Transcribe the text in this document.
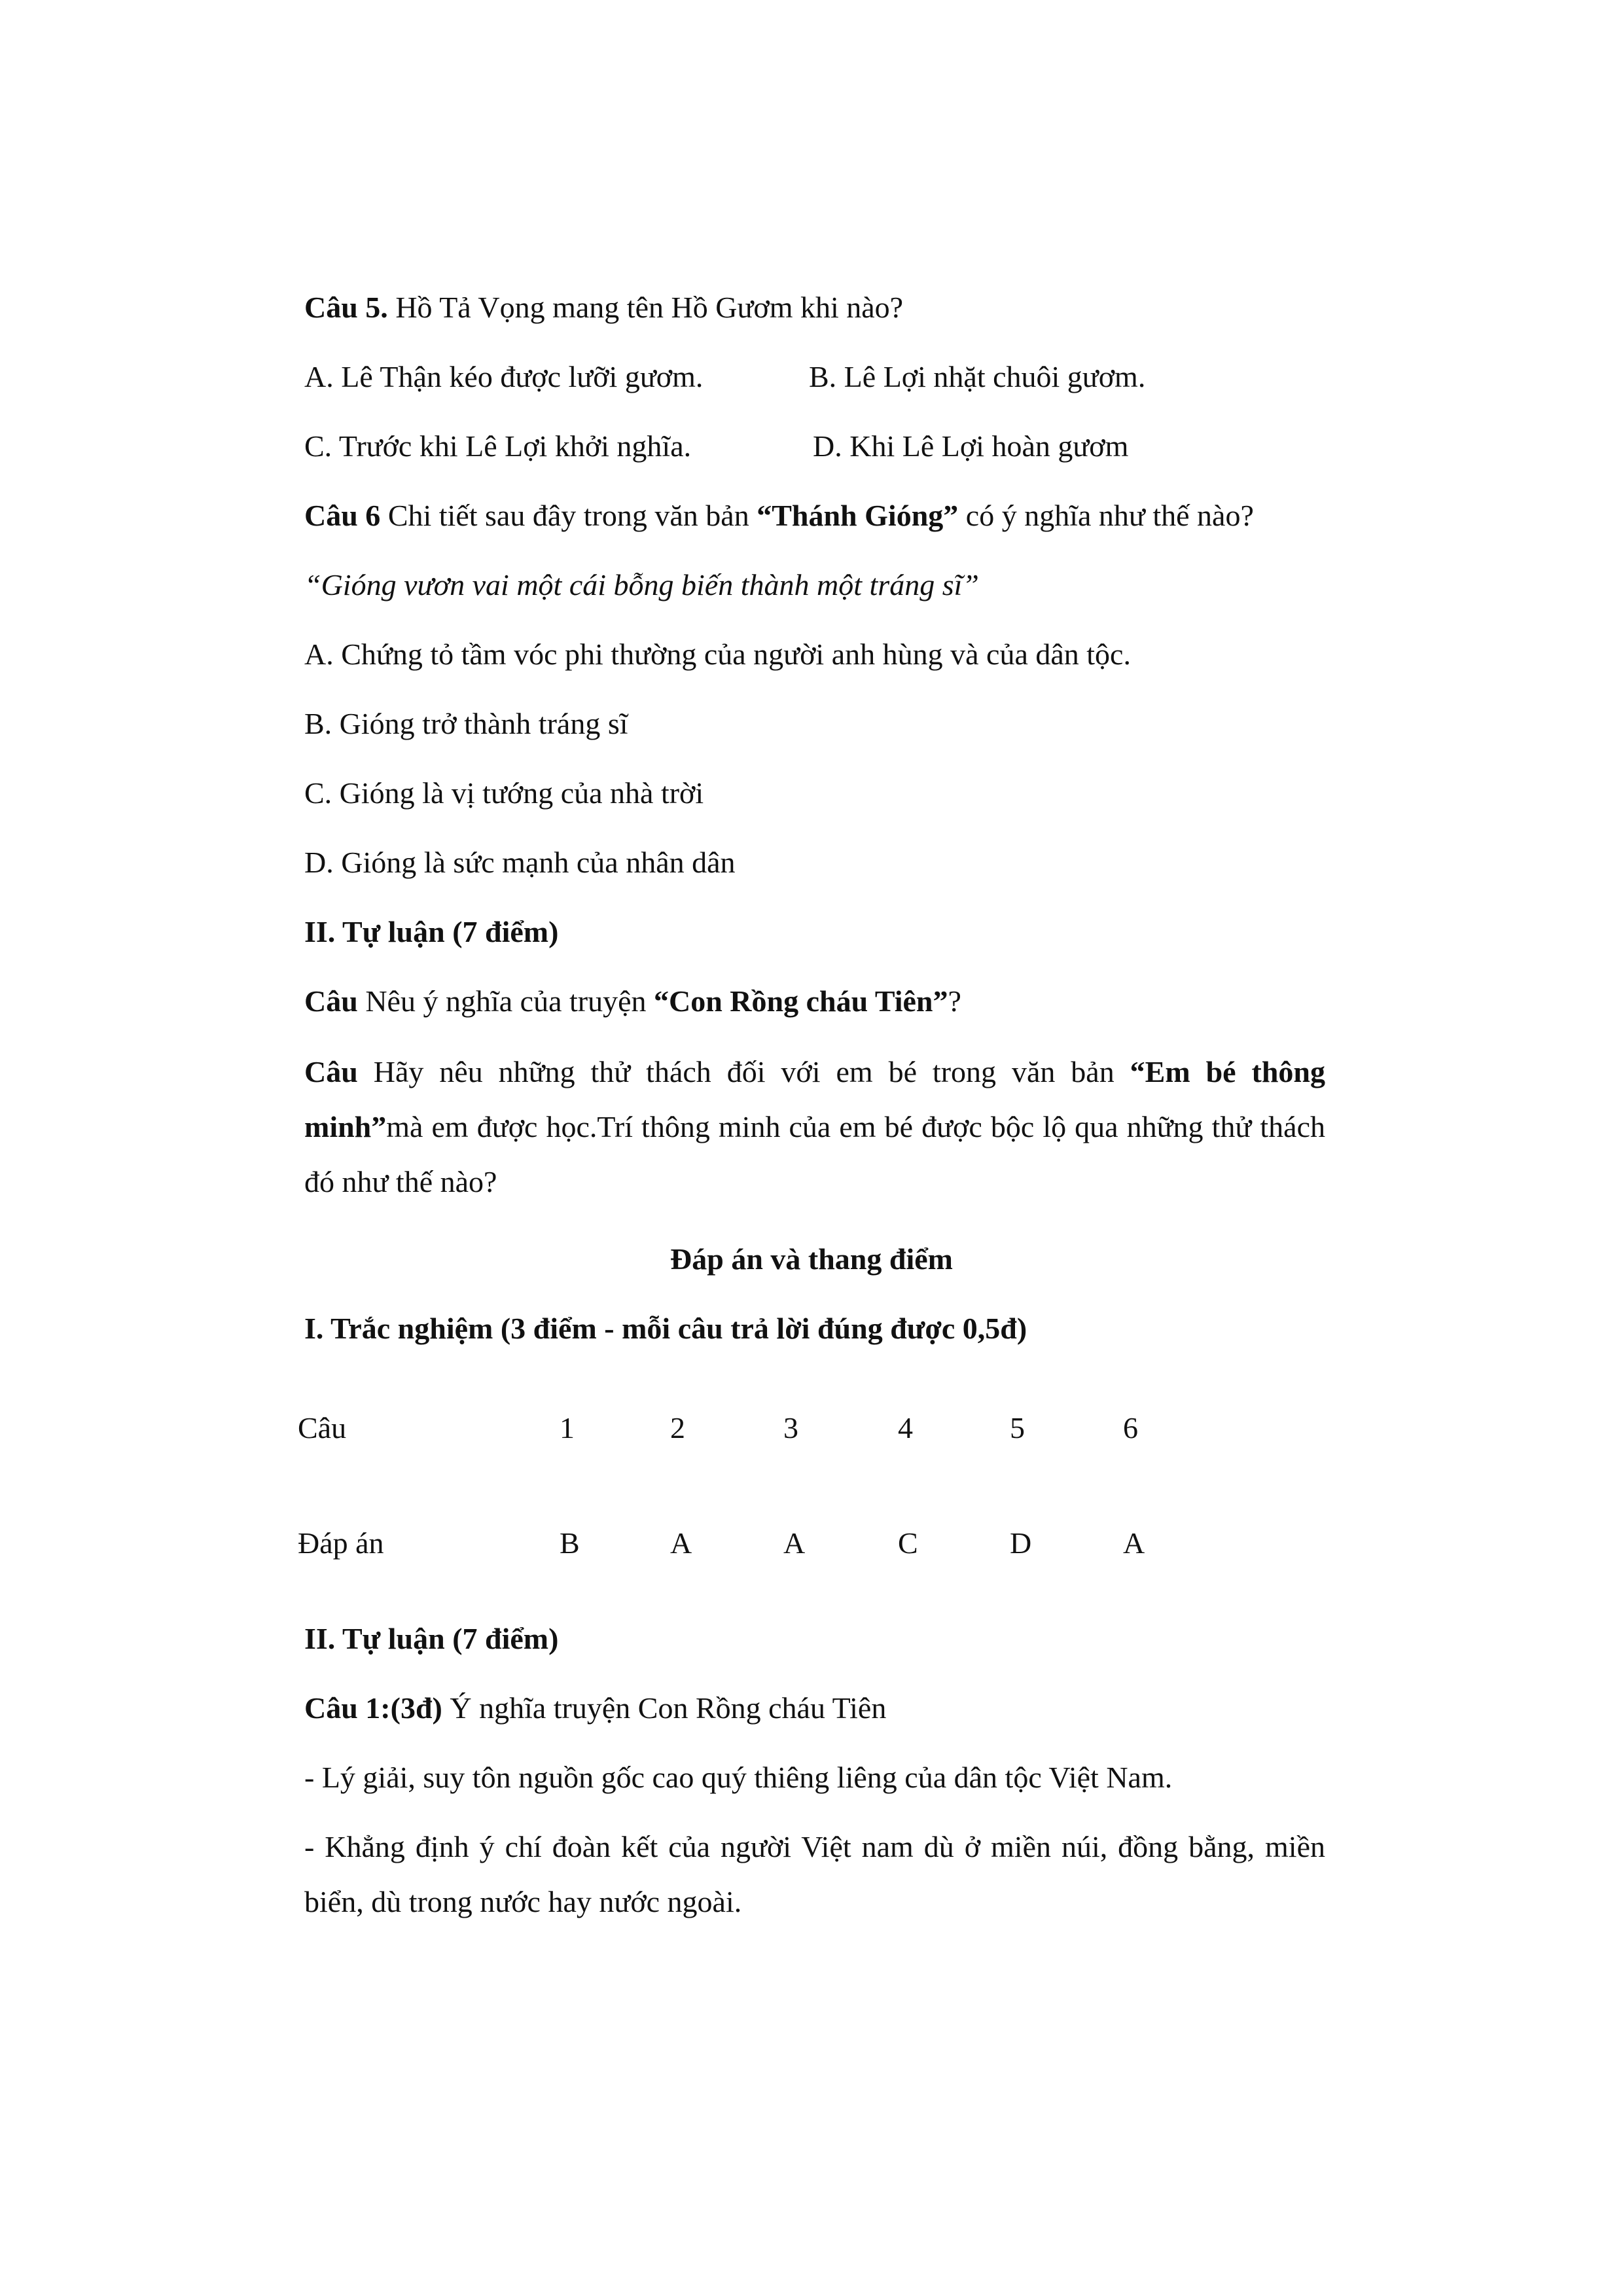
Câu 5. Hồ Tả Vọng mang tên Hồ Gươm khi nào?
A. Lê Thận kéo được lưỡi gươm.	B. Lê Lợi nhặt chuôi gươm.
C. Trước khi Lê Lợi khởi nghĩa.	D. Khi Lê Lợi hoàn gươm
Câu 6 Chi tiết sau đây trong văn bản “Thánh Gióng” có ý nghĩa như thế nào?
“Gióng vươn vai một cái bỗng biến thành một tráng sĩ”
A. Chứng tỏ tầm vóc phi thường của người anh hùng và của dân tộc.
B. Gióng trở thành tráng sĩ
C. Gióng là vị tướng của nhà trời
D. Gióng là sức mạnh của nhân dân
II. Tự luận (7 điểm)
Câu Nêu ý nghĩa của truyện “Con Rồng cháu Tiên”?
Câu Hãy nêu những thử thách đối với em bé trong văn bản “Em bé thông minh”mà em được học.Trí thông minh của em bé được bộc lộ qua những thử thách đó như thế nào?
Đáp án và thang điểm
I. Trắc nghiệm (3 điểm - mỗi câu trả lời đúng được 0,5đ)
Câu	1	2	3	4	5	6
Đáp án	B	A	A	C	D	A
II. Tự luận (7 điểm)
Câu 1:(3đ) Ý nghĩa truyện Con Rồng cháu Tiên
- Lý giải, suy tôn nguồn gốc cao quý thiêng liêng của dân tộc Việt Nam.
- Khẳng định ý chí đoàn kết của người Việt nam dù ở miền núi, đồng bằng, miền biển, dù trong nước hay nước ngoài.
